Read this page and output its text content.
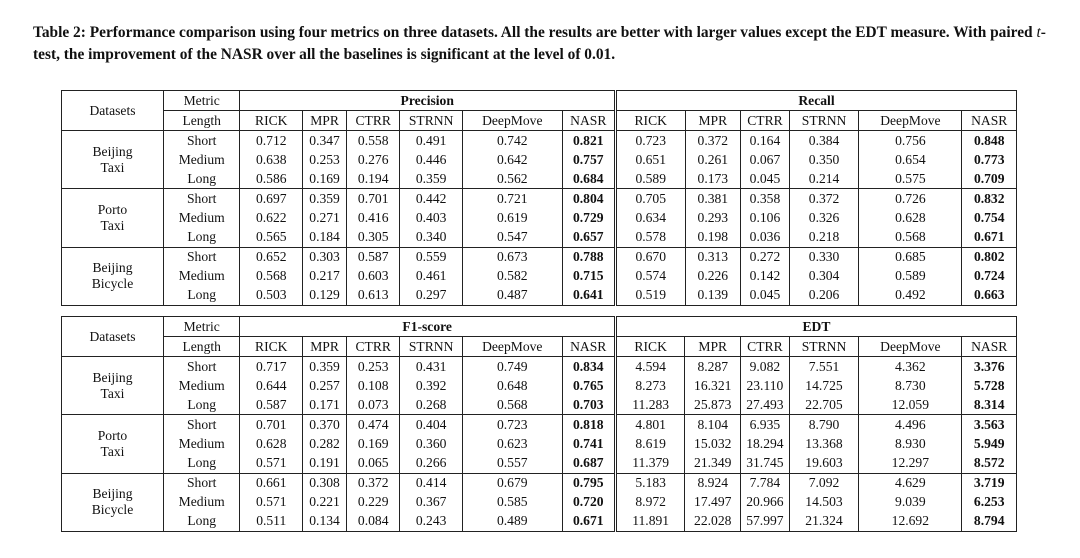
Table 2: Performance comparison using four metrics on three datasets. All the results are better with larger values except the EDT measure. With paired t-test, the improvement of the NASR over all the baselines is significant at the level of 0.01.
Datasets	Metric	Precision						Recall					
	Length	RICK	MPR	CTRR	STRNN	DeepMove	NASR	RICK	MPR	CTRR	STRNN	DeepMove	NASR
Beijing
Taxi	Short	0.712	0.347	0.558	0.491	0.742	0.821	0.723	0.372	0.164	0.384	0.756	0.848
	Medium	0.638	0.253	0.276	0.446	0.642	0.757	0.651	0.261	0.067	0.350	0.654	0.773
	Long	0.586	0.169	0.194	0.359	0.562	0.684	0.589	0.173	0.045	0.214	0.575	0.709
Porto
Taxi	Short	0.697	0.359	0.701	0.442	0.721	0.804	0.705	0.381	0.358	0.372	0.726	0.832
	Medium	0.622	0.271	0.416	0.403	0.619	0.729	0.634	0.293	0.106	0.326	0.628	0.754
	Long	0.565	0.184	0.305	0.340	0.547	0.657	0.578	0.198	0.036	0.218	0.568	0.671
Beijing
Bicycle	Short	0.652	0.303	0.587	0.559	0.673	0.788	0.670	0.313	0.272	0.330	0.685	0.802
	Medium	0.568	0.217	0.603	0.461	0.582	0.715	0.574	0.226	0.142	0.304	0.589	0.724
	Long	0.503	0.129	0.613	0.297	0.487	0.641	0.519	0.139	0.045	0.206	0.492	0.663
Datasets	Metric	F1-score						EDT					
	Length	RICK	MPR	CTRR	STRNN	DeepMove	NASR	RICK	MPR	CTRR	STRNN	DeepMove	NASR
Beijing
Taxi	Short	0.717	0.359	0.253	0.431	0.749	0.834	4.594	8.287	9.082	7.551	4.362	3.376
	Medium	0.644	0.257	0.108	0.392	0.648	0.765	8.273	16.321	23.110	14.725	8.730	5.728
	Long	0.587	0.171	0.073	0.268	0.568	0.703	11.283	25.873	27.493	22.705	12.059	8.314
Porto
Taxi	Short	0.701	0.370	0.474	0.404	0.723	0.818	4.801	8.104	6.935	8.790	4.496	3.563
	Medium	0.628	0.282	0.169	0.360	0.623	0.741	8.619	15.032	18.294	13.368	8.930	5.949
	Long	0.571	0.191	0.065	0.266	0.557	0.687	11.379	21.349	31.745	19.603	12.297	8.572
Beijing
Bicycle	Short	0.661	0.308	0.372	0.414	0.679	0.795	5.183	8.924	7.784	7.092	4.629	3.719
	Medium	0.571	0.221	0.229	0.367	0.585	0.720	8.972	17.497	20.966	14.503	9.039	6.253
	Long	0.511	0.134	0.084	0.243	0.489	0.671	11.891	22.028	57.997	21.324	12.692	8.794
